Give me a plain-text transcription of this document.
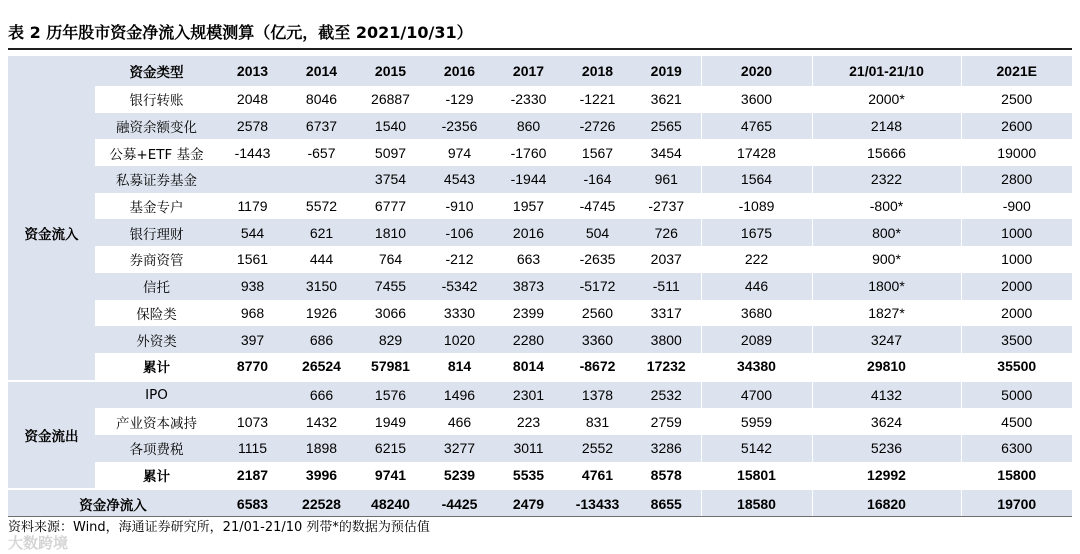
表 2 历年股市资金净流入规模测算（亿元，截至 2021/10/31）
	资金类型	2013	2014	2015	2016	2017	2018	2019	2020	21/01-21/10	2021E
资金流入	银行转账	2048	8046	26887	-129	-2330	-1221	3621	3600	2000*	2500
	融资余额变化	2578	6737	1540	-2356	860	-2726	2565	4765	2148	2600
	公募+ETF 基金	-1443	-657	5097	974	-1760	1567	3454	17428	15666	19000
	私募证券基金			3754	4543	-1944	-164	961	1564	2322	2800
	基金专户	1179	5572	6777	-910	1957	-4745	-2737	-1089	-800*	-900
	银行理财	544	621	1810	-106	2016	504	726	1675	800*	1000
	券商资管	1561	444	764	-212	663	-2635	2037	222	900*	1000
	信托	938	3150	7455	-5342	3873	-5172	-511	446	1800*	2000
	保险类	968	1926	3066	3330	2399	2560	3317	3680	1827*	2000
	外资类	397	686	829	1020	2280	3360	3800	2089	3247	3500
	累计	8770	26524	57981	814	8014	-8672	17232	34380	29810	35500
资金流出	IPO		666	1576	1496	2301	1378	2532	4700	4132	5000
	产业资本减持	1073	1432	1949	466	223	831	2759	5959	3624	4500
	各项费税	1115	1898	6215	3277	3011	2552	3286	5142	5236	6300
	累计	2187	3996	9741	5239	5535	4761	8578	15801	12992	15800
资金净流入		6583	22528	48240	-4425	2479	-13433	8655	18580	16820	19700
资料来源：Wind，海通证券研究所，21/01-21/10 列带*的数据为预估值
大数跨境
